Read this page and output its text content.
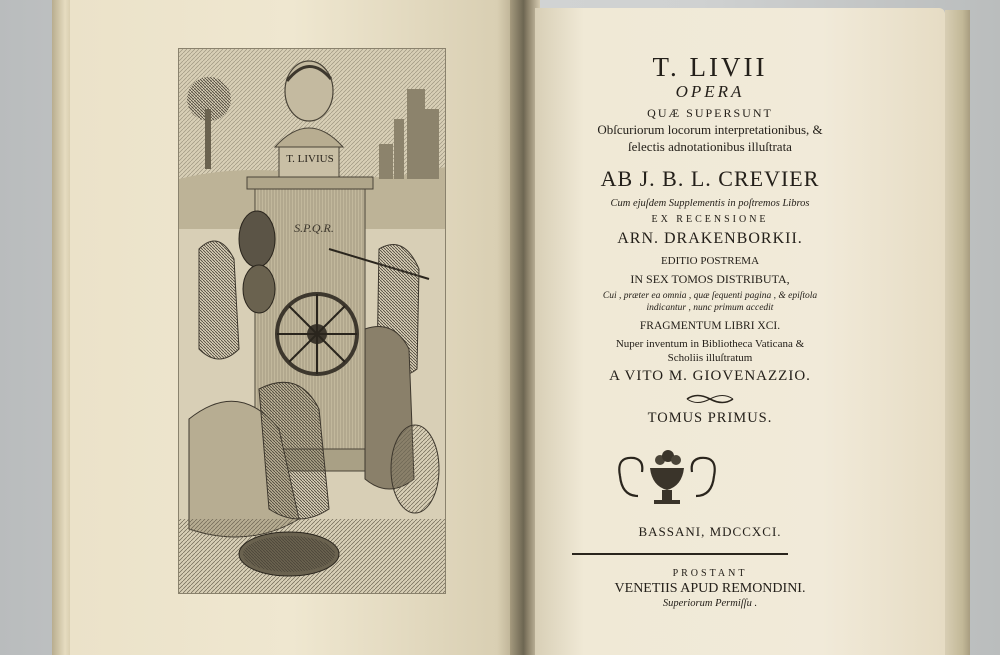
T. LIVIUS
S.P.Q.R.
T. LIVII
OPERA
QUÆ SUPERSUNT
Obſcuriorum locorum interpretationibus, &
ſelectis adnotationibus illuſtrata
AB J. B. L. CREVIER
Cum ejuſdem Supplementis in poſtremos Libros
EX RECENSIONE
ARN. DRAKENBORKII.
EDITIO POSTREMA
IN SEX TOMOS DISTRIBUTA,
Cui , præter ea omnia , quæ ſequenti pagina , & epiſtola
indicantur , nunc primum accedit
FRAGMENTUM LIBRI XCI.
Nuper inventum in Bibliotheca Vaticana &
Scholiis illuſtratum
A VITO M. GIOVENAZZIO.
TOMUS PRIMUS.
BASSANI, MDCCXCI.
PROSTANT
VENETIIS APUD REMONDINI.
Superiorum Permiſſu .
